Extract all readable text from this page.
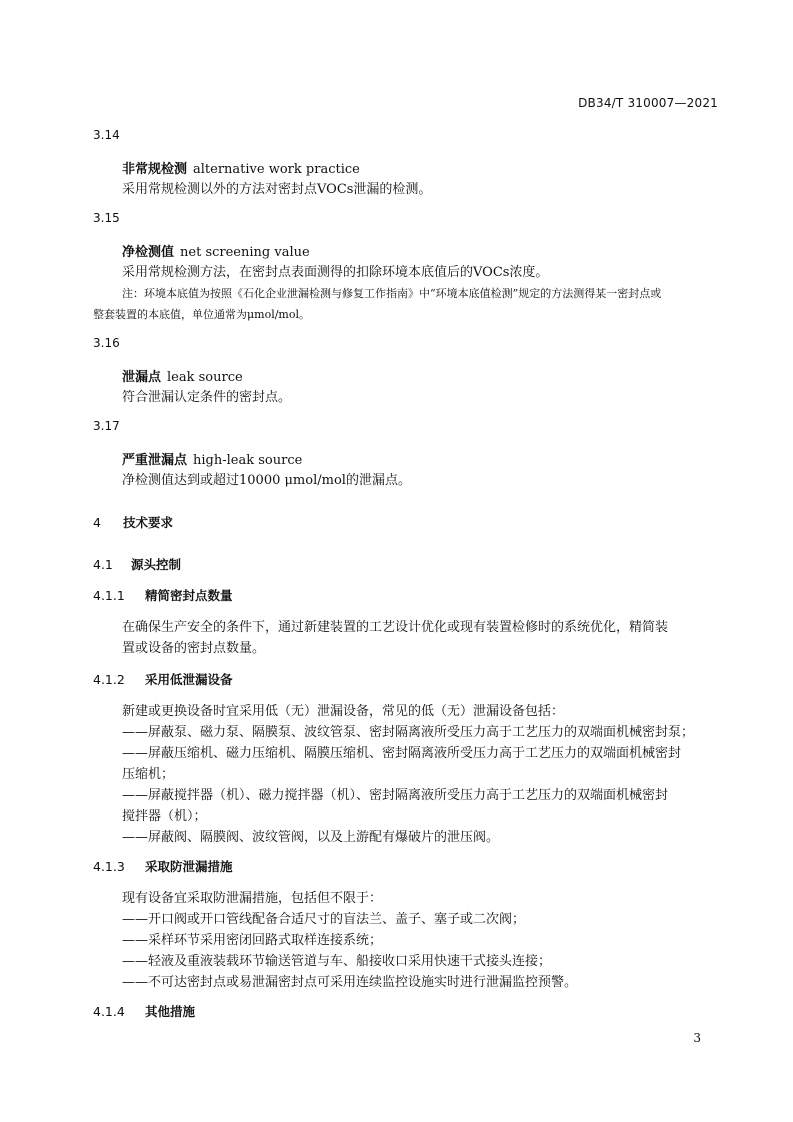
DB34/T 310007—2021
3.14
非常规检测 alternative work practice
采用常规检测以外的方法对密封点VOCs泄漏的检测。
3.15
净检测值 net screening value
采用常规检测方法，在密封点表面测得的扣除环境本底值后的VOCs浓度。
注：环境本底值为按照《石化企业泄漏检测与修复工作指南》中“环境本底值检测”规定的方法测得某一密封点或
整套装置的本底值，单位通常为μmol/mol。
3.16
泄漏点 leak source
符合泄漏认定条件的密封点。
3.17
严重泄漏点 high-leak source
净检测值达到或超过10000 μmol/mol的泄漏点。
4 技术要求
4.1 源头控制
4.1.1 精简密封点数量
在确保生产安全的条件下，通过新建装置的工艺设计优化或现有装置检修时的系统优化，精简装
置或设备的密封点数量。
4.1.2 采用低泄漏设备
新建或更换设备时宜采用低（无）泄漏设备，常见的低（无）泄漏设备包括：
——屏蔽泵、磁力泵、隔膜泵、波纹管泵、密封隔离液所受压力高于工艺压力的双端面机械密封泵；
——屏蔽压缩机、磁力压缩机、隔膜压缩机、密封隔离液所受压力高于工艺压力的双端面机械密封
压缩机；
——屏蔽搅拌器（机）、磁力搅拌器（机）、密封隔离液所受压力高于工艺压力的双端面机械密封
搅拌器（机）；
——屏蔽阀、隔膜阀、波纹管阀，以及上游配有爆破片的泄压阀。
4.1.3 采取防泄漏措施
现有设备宜采取防泄漏措施，包括但不限于：
——开口阀或开口管线配备合适尺寸的盲法兰、盖子、塞子或二次阀；
——采样环节采用密闭回路式取样连接系统；
——轻液及重液装载环节输送管道与车、船接收口采用快速干式接头连接；
——不可达密封点或易泄漏密封点可采用连续监控设施实时进行泄漏监控预警。
4.1.4 其他措施
3
